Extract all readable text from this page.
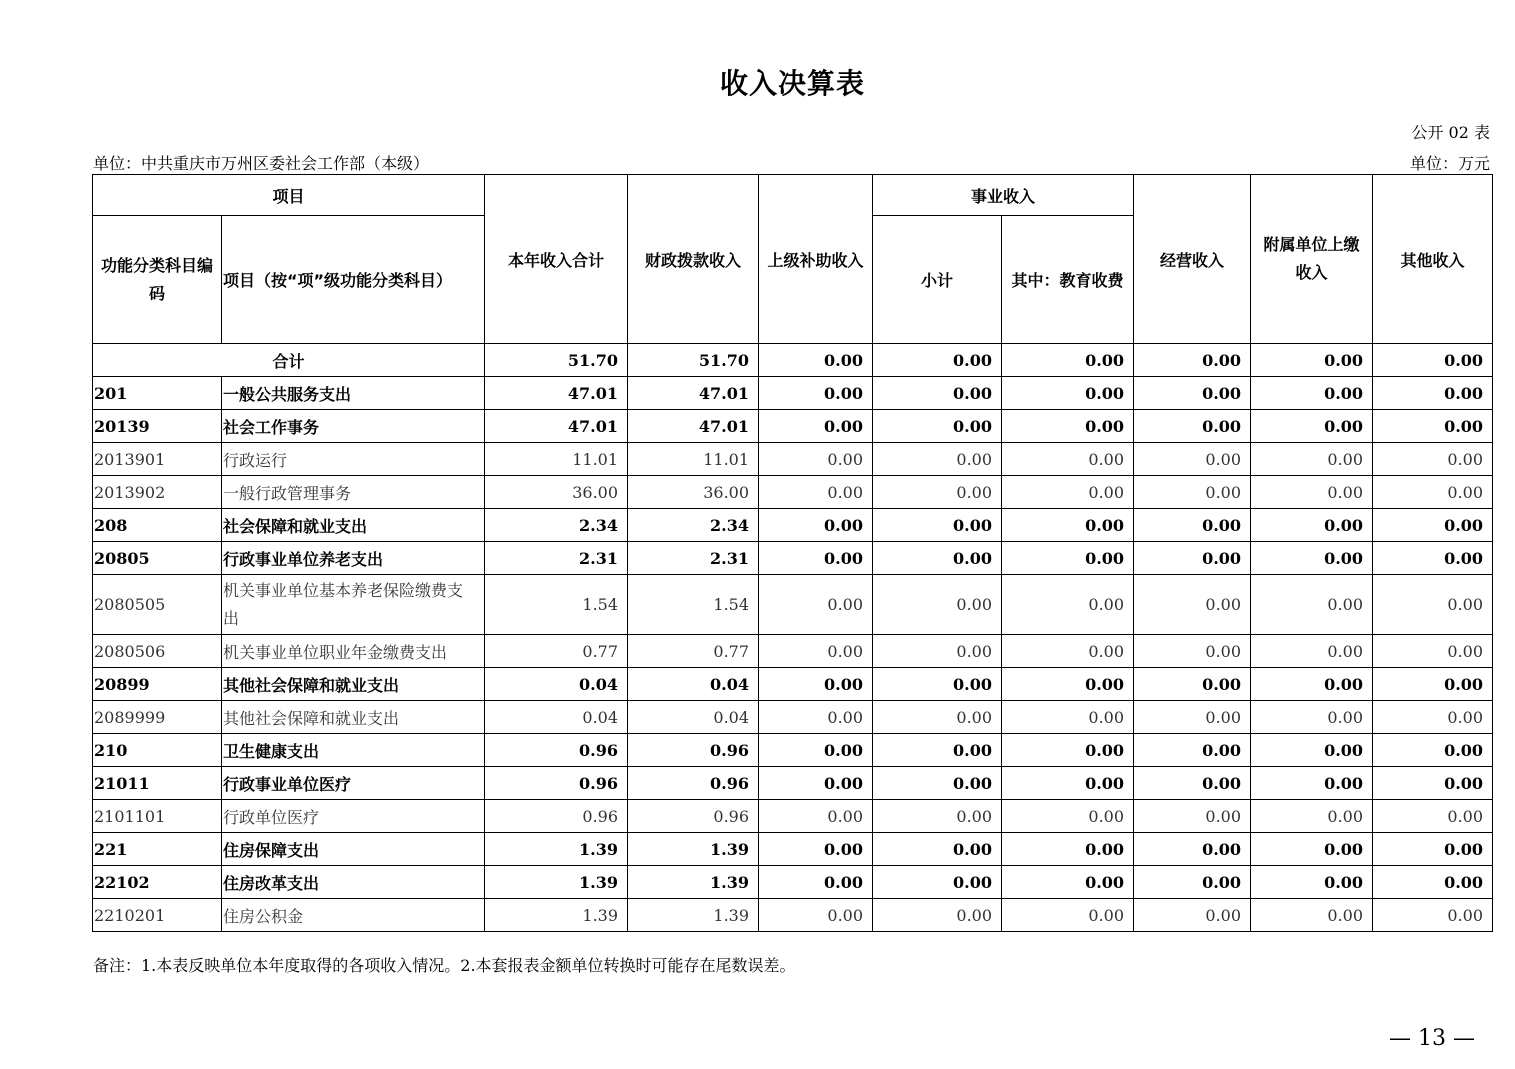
收入决算表
公开 02 表
单位：中共重庆市万州区委社会工作部（本级）	单位：万元
项目		本年收入合计	财政拨款收入	上级补助收入	事业收入		经营收入	附属单位上缴收入	其他收入
功能分类科目编码	项目（按“项”级功能分类科目）				小计	其中：教育收费			
合计		51.70	51.70	0.00	0.00	0.00	0.00	0.00	0.00
201	一般公共服务支出	47.01	47.01	0.00	0.00	0.00	0.00	0.00	0.00
20139	社会工作事务	47.01	47.01	0.00	0.00	0.00	0.00	0.00	0.00
2013901	行政运行	11.01	11.01	0.00	0.00	0.00	0.00	0.00	0.00
2013902	一般行政管理事务	36.00	36.00	0.00	0.00	0.00	0.00	0.00	0.00
208	社会保障和就业支出	2.34	2.34	0.00	0.00	0.00	0.00	0.00	0.00
20805	行政事业单位养老支出	2.31	2.31	0.00	0.00	0.00	0.00	0.00	0.00
2080505	机关事业单位基本养老保险缴费支出	1.54	1.54	0.00	0.00	0.00	0.00	0.00	0.00
2080506	机关事业单位职业年金缴费支出	0.77	0.77	0.00	0.00	0.00	0.00	0.00	0.00
20899	其他社会保障和就业支出	0.04	0.04	0.00	0.00	0.00	0.00	0.00	0.00
2089999	其他社会保障和就业支出	0.04	0.04	0.00	0.00	0.00	0.00	0.00	0.00
210	卫生健康支出	0.96	0.96	0.00	0.00	0.00	0.00	0.00	0.00
21011	行政事业单位医疗	0.96	0.96	0.00	0.00	0.00	0.00	0.00	0.00
2101101	行政单位医疗	0.96	0.96	0.00	0.00	0.00	0.00	0.00	0.00
221	住房保障支出	1.39	1.39	0.00	0.00	0.00	0.00	0.00	0.00
22102	住房改革支出	1.39	1.39	0.00	0.00	0.00	0.00	0.00	0.00
2210201	住房公积金	1.39	1.39	0.00	0.00	0.00	0.00	0.00	0.00
备注：1.本表反映单位本年度取得的各项收入情况。2.本套报表金额单位转换时可能存在尾数误差。
— 13 —
